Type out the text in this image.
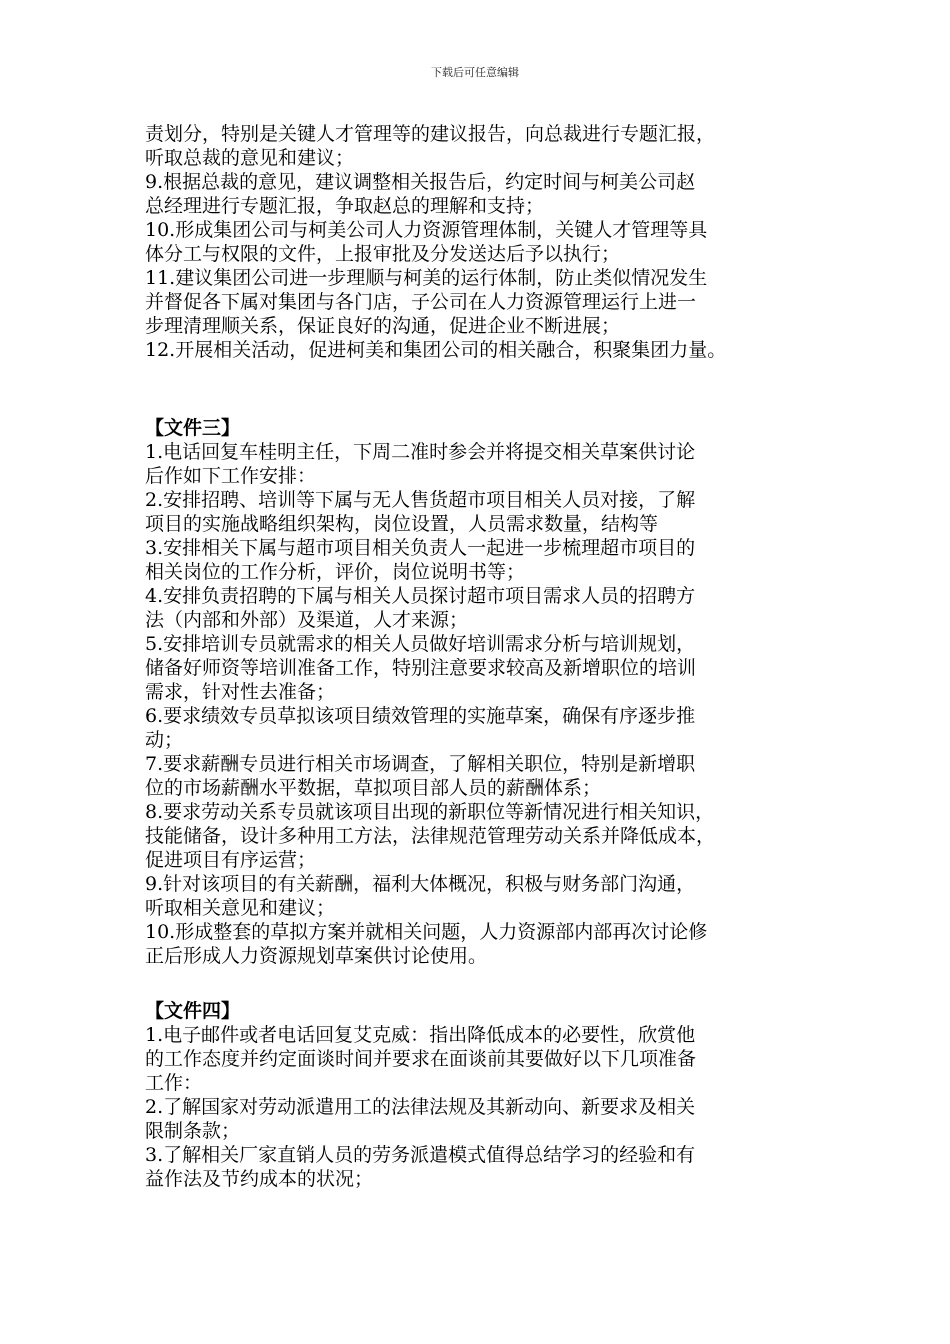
下载后可任意编辑
责划分，特别是关键人才管理等的建议报告，向总裁进行专题汇报，
听取总裁的意见和建议；
9.根据总裁的意见，建议调整相关报告后，约定时间与柯美公司赵
总经理进行专题汇报，争取赵总的理解和支持；
10.形成集团公司与柯美公司人力资源管理体制，关键人才管理等具
体分工与权限的文件，上报审批及分发送达后予以执行；
11.建议集团公司进一步理顺与柯美的运行体制，防止类似情况发生
并督促各下属对集团与各门店，子公司在人力资源管理运行上进一
步理清理顺关系，保证良好的沟通，促进企业不断进展；
12.开展相关活动，促进柯美和集团公司的相关融合，积聚集团力量。
【文件三】
1.电话回复车桂明主任，下周二准时参会并将提交相关草案供讨论
后作如下工作安排：
2.安排招聘、培训等下属与无人售货超市项目相关人员对接，了解
项目的实施战略组织架构，岗位设置，人员需求数量，结构等
3.安排相关下属与超市项目相关负责人一起进一步梳理超市项目的
相关岗位的工作分析，评价，岗位说明书等；
4.安排负责招聘的下属与相关人员探讨超市项目需求人员的招聘方
法（内部和外部）及渠道，人才来源；
5.安排培训专员就需求的相关人员做好培训需求分析与培训规划，
储备好师资等培训准备工作，特别注意要求较高及新增职位的培训
需求，针对性去准备；
6.要求绩效专员草拟该项目绩效管理的实施草案，确保有序逐步推
动；
7.要求薪酬专员进行相关市场调查，了解相关职位，特别是新增职
位的市场薪酬水平数据，草拟项目部人员的薪酬体系；
8.要求劳动关系专员就该项目出现的新职位等新情况进行相关知识，
技能储备，设计多种用工方法，法律规范管理劳动关系并降低成本，
促进项目有序运营；
9.针对该项目的有关薪酬，福利大体概况，积极与财务部门沟通，
听取相关意见和建议；
10.形成整套的草拟方案并就相关问题，人力资源部内部再次讨论修
正后形成人力资源规划草案供讨论使用。
【文件四】
1.电子邮件或者电话回复艾克威：指出降低成本的必要性，欣赏他
的工作态度并约定面谈时间并要求在面谈前其要做好以下几项准备
工作：
2.了解国家对劳动派遣用工的法律法规及其新动向、新要求及相关
限制条款；
3.了解相关厂家直销人员的劳务派遣模式值得总结学习的经验和有
益作法及节约成本的状况；
